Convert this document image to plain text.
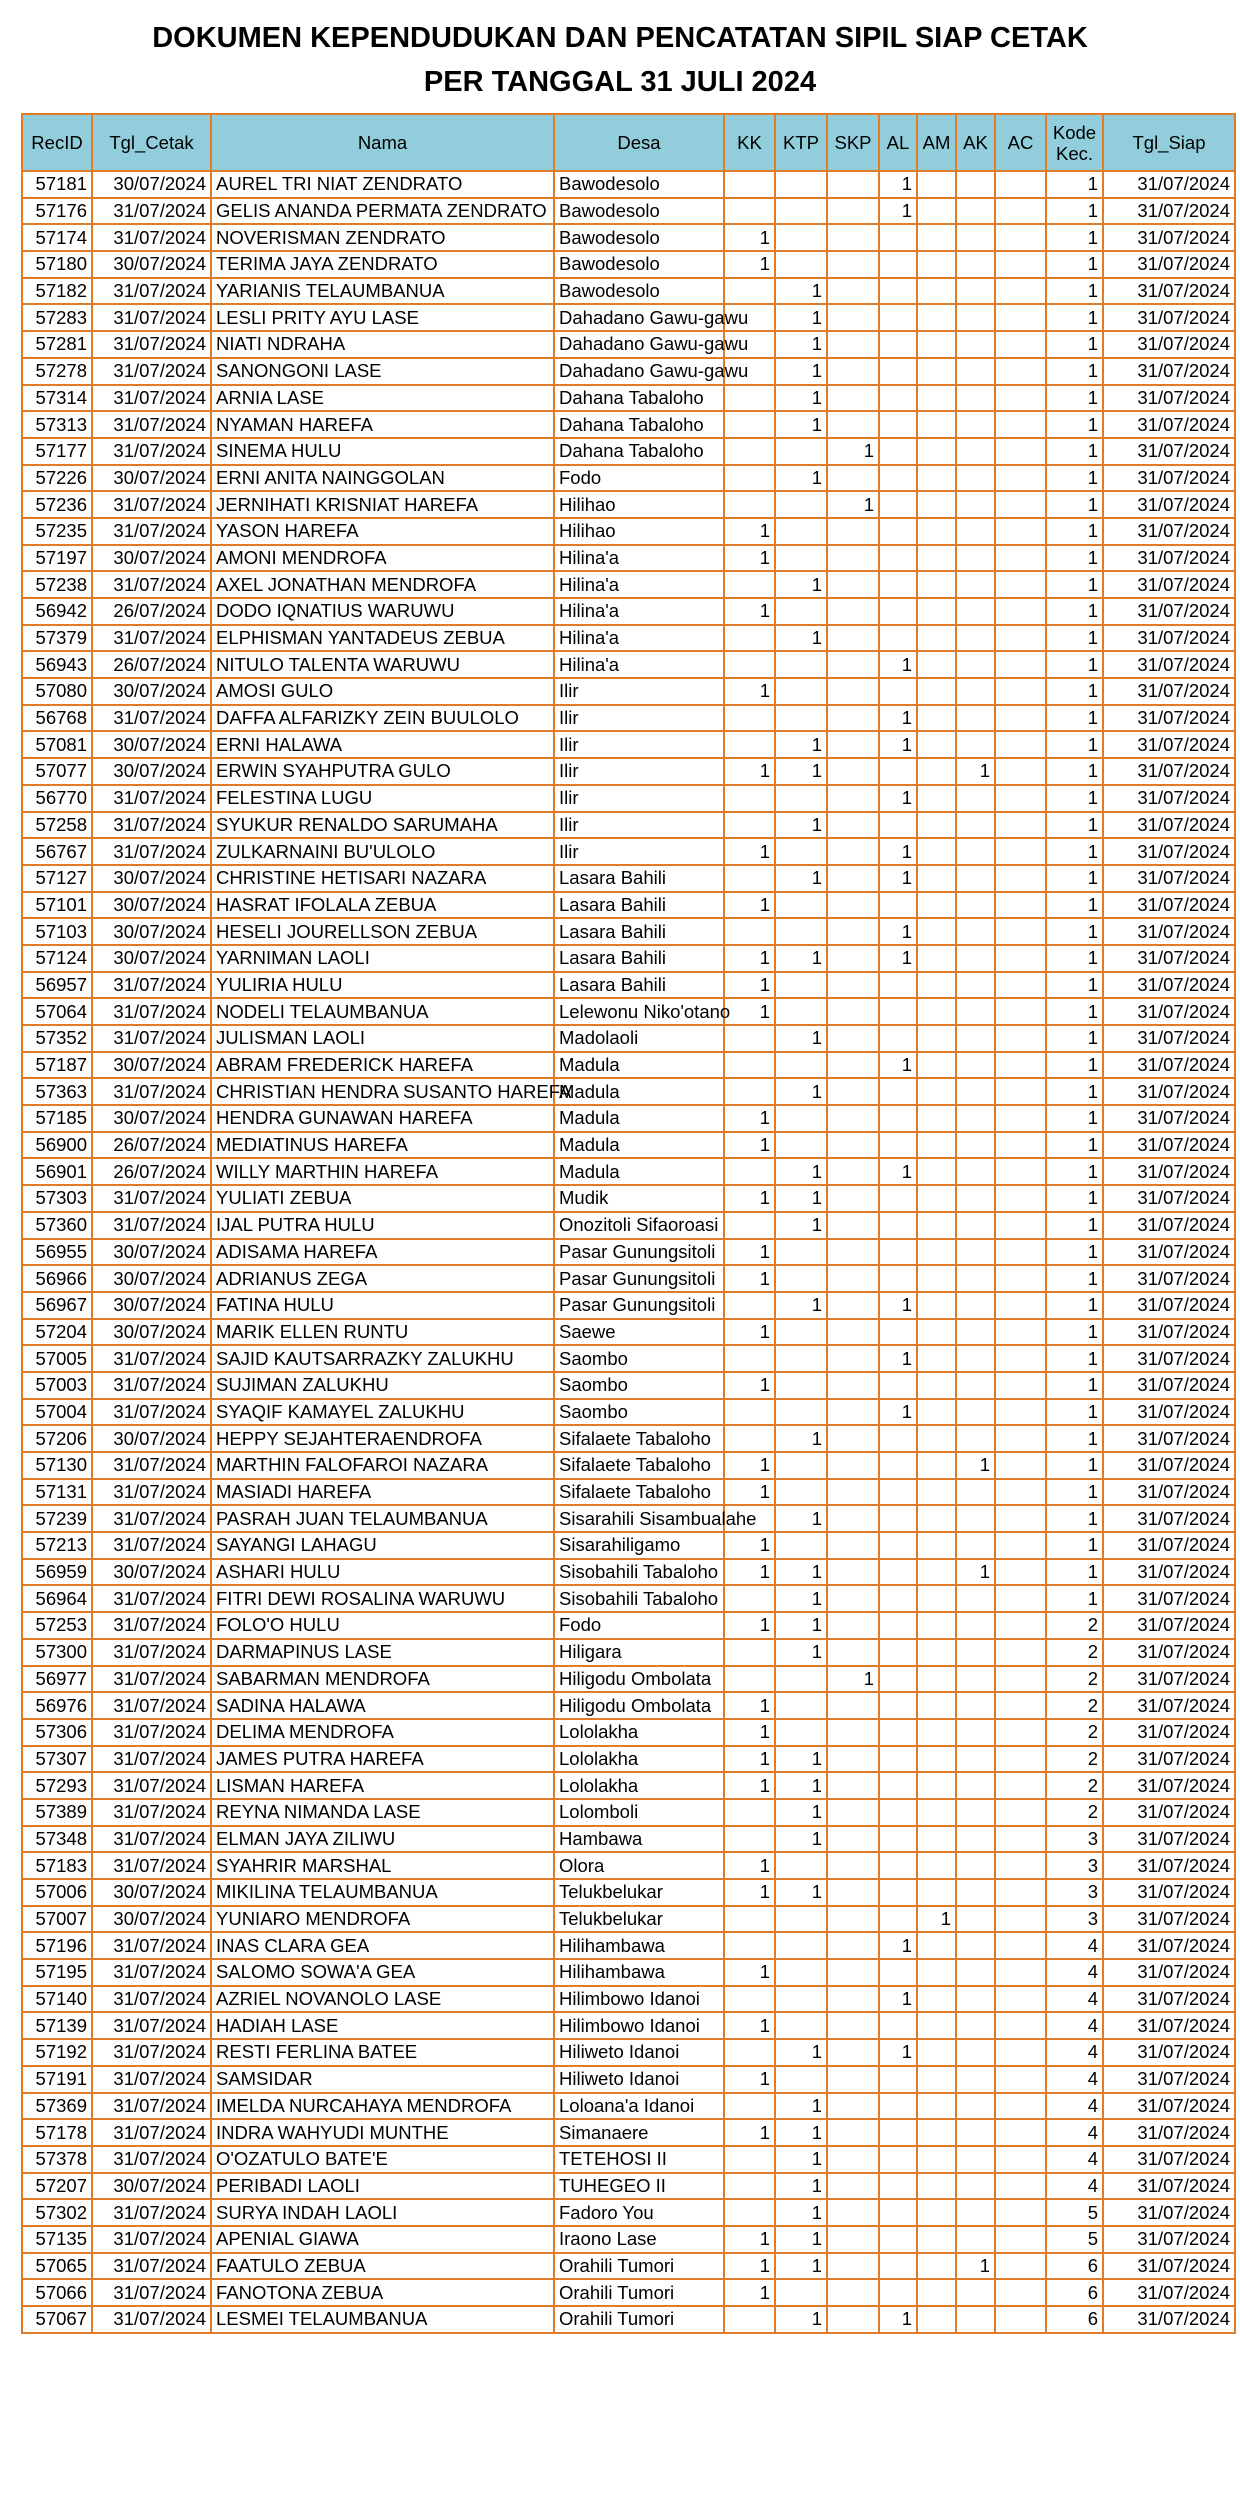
DOKUMEN KEPENDUDUKAN DAN PENCATATAN SIPIL SIAP CETAK
PER TANGGAL 31 JULI 2024
RecID	Tgl_Cetak	Nama	Desa	KK	KTP	SKP	AL	AM	AK	AC	Kode Kec.	Tgl_Siap
57181	30/07/2024	AUREL TRI NIAT ZENDRATO	Bawodesolo				1				1	31/07/2024
57176	31/07/2024	GELIS ANANDA PERMATA ZENDRATO	Bawodesolo				1				1	31/07/2024
57174	31/07/2024	NOVERISMAN ZENDRATO	Bawodesolo	1							1	31/07/2024
57180	30/07/2024	TERIMA JAYA ZENDRATO	Bawodesolo	1							1	31/07/2024
57182	31/07/2024	YARIANIS TELAUMBANUA	Bawodesolo		1						1	31/07/2024
57283	31/07/2024	LESLI PRITY AYU LASE	Dahadano Gawu-gawu		1						1	31/07/2024
57281	31/07/2024	NIATI NDRAHA	Dahadano Gawu-gawu		1						1	31/07/2024
57278	31/07/2024	SANONGONI LASE	Dahadano Gawu-gawu		1						1	31/07/2024
57314	31/07/2024	ARNIA LASE	Dahana Tabaloho		1						1	31/07/2024
57313	31/07/2024	NYAMAN HAREFA	Dahana Tabaloho		1						1	31/07/2024
57177	31/07/2024	SINEMA HULU	Dahana Tabaloho			1					1	31/07/2024
57226	30/07/2024	ERNI ANITA NAINGGOLAN	Fodo		1						1	31/07/2024
57236	31/07/2024	JERNIHATI KRISNIAT HAREFA	Hilihao			1					1	31/07/2024
57235	31/07/2024	YASON HAREFA	Hilihao	1							1	31/07/2024
57197	30/07/2024	AMONI MENDROFA	Hilina'a	1							1	31/07/2024
57238	31/07/2024	AXEL JONATHAN MENDROFA	Hilina'a		1						1	31/07/2024
56942	26/07/2024	DODO IQNATIUS WARUWU	Hilina'a	1							1	31/07/2024
57379	31/07/2024	ELPHISMAN YANTADEUS ZEBUA	Hilina'a		1						1	31/07/2024
56943	26/07/2024	NITULO TALENTA WARUWU	Hilina'a				1				1	31/07/2024
57080	30/07/2024	AMOSI GULO	Ilir	1							1	31/07/2024
56768	31/07/2024	DAFFA ALFARIZKY ZEIN BUULOLO	Ilir				1				1	31/07/2024
57081	30/07/2024	ERNI HALAWA	Ilir		1		1				1	31/07/2024
57077	30/07/2024	ERWIN SYAHPUTRA GULO	Ilir	1	1				1		1	31/07/2024
56770	31/07/2024	FELESTINA LUGU	Ilir				1				1	31/07/2024
57258	31/07/2024	SYUKUR RENALDO SARUMAHA	Ilir		1						1	31/07/2024
56767	31/07/2024	ZULKARNAINI BU'ULOLO	Ilir	1			1				1	31/07/2024
57127	30/07/2024	CHRISTINE HETISARI NAZARA	Lasara Bahili		1		1				1	31/07/2024
57101	30/07/2024	HASRAT IFOLALA ZEBUA	Lasara Bahili	1							1	31/07/2024
57103	30/07/2024	HESELI JOURELLSON ZEBUA	Lasara Bahili				1				1	31/07/2024
57124	30/07/2024	YARNIMAN LAOLI	Lasara Bahili	1	1		1				1	31/07/2024
56957	31/07/2024	YULIRIA HULU	Lasara Bahili	1							1	31/07/2024
57064	31/07/2024	NODELI TELAUMBANUA	Lelewonu Niko'otano	1							1	31/07/2024
57352	31/07/2024	JULISMAN LAOLI	Madolaoli		1						1	31/07/2024
57187	30/07/2024	ABRAM FREDERICK HAREFA	Madula				1				1	31/07/2024
57363	31/07/2024	CHRISTIAN HENDRA SUSANTO HAREFA	Madula		1						1	31/07/2024
57185	30/07/2024	HENDRA GUNAWAN HAREFA	Madula	1							1	31/07/2024
56900	26/07/2024	MEDIATINUS HAREFA	Madula	1							1	31/07/2024
56901	26/07/2024	WILLY MARTHIN HAREFA	Madula		1		1				1	31/07/2024
57303	31/07/2024	YULIATI ZEBUA	Mudik	1	1						1	31/07/2024
57360	31/07/2024	IJAL PUTRA HULU	Onozitoli Sifaoroasi		1						1	31/07/2024
56955	30/07/2024	ADISAMA HAREFA	Pasar Gunungsitoli	1							1	31/07/2024
56966	30/07/2024	ADRIANUS ZEGA	Pasar Gunungsitoli	1							1	31/07/2024
56967	30/07/2024	FATINA HULU	Pasar Gunungsitoli		1		1				1	31/07/2024
57204	30/07/2024	MARIK ELLEN RUNTU	Saewe	1							1	31/07/2024
57005	31/07/2024	SAJID KAUTSARRAZKY ZALUKHU	Saombo				1				1	31/07/2024
57003	31/07/2024	SUJIMAN ZALUKHU	Saombo	1							1	31/07/2024
57004	31/07/2024	SYAQIF KAMAYEL ZALUKHU	Saombo				1				1	31/07/2024
57206	30/07/2024	HEPPY SEJAHTERAENDROFA	Sifalaete Tabaloho		1						1	31/07/2024
57130	31/07/2024	MARTHIN FALOFAROI NAZARA	Sifalaete Tabaloho	1					1		1	31/07/2024
57131	31/07/2024	MASIADI HAREFA	Sifalaete Tabaloho	1							1	31/07/2024
57239	31/07/2024	PASRAH JUAN TELAUMBANUA	Sisarahili Sisambualahe		1						1	31/07/2024
57213	31/07/2024	SAYANGI LAHAGU	Sisarahiligamo	1							1	31/07/2024
56959	30/07/2024	ASHARI HULU	Sisobahili Tabaloho	1	1				1		1	31/07/2024
56964	31/07/2024	FITRI DEWI ROSALINA WARUWU	Sisobahili Tabaloho		1						1	31/07/2024
57253	31/07/2024	FOLO'O HULU	Fodo	1	1						2	31/07/2024
57300	31/07/2024	DARMAPINUS LASE	Hiligara		1						2	31/07/2024
56977	31/07/2024	SABARMAN MENDROFA	Hiligodu Ombolata			1					2	31/07/2024
56976	31/07/2024	SADINA HALAWA	Hiligodu Ombolata	1							2	31/07/2024
57306	31/07/2024	DELIMA MENDROFA	Lololakha	1							2	31/07/2024
57307	31/07/2024	JAMES PUTRA HAREFA	Lololakha	1	1						2	31/07/2024
57293	31/07/2024	LISMAN HAREFA	Lololakha	1	1						2	31/07/2024
57389	31/07/2024	REYNA NIMANDA LASE	Lolomboli		1						2	31/07/2024
57348	31/07/2024	ELMAN JAYA ZILIWU	Hambawa		1						3	31/07/2024
57183	31/07/2024	SYAHRIR MARSHAL	Olora	1							3	31/07/2024
57006	30/07/2024	MIKILINA TELAUMBANUA	Telukbelukar	1	1						3	31/07/2024
57007	30/07/2024	YUNIARO MENDROFA	Telukbelukar					1			3	31/07/2024
57196	31/07/2024	INAS CLARA GEA	Hilihambawa				1				4	31/07/2024
57195	31/07/2024	SALOMO SOWA'A GEA	Hilihambawa	1							4	31/07/2024
57140	31/07/2024	AZRIEL NOVANOLO LASE	Hilimbowo Idanoi				1				4	31/07/2024
57139	31/07/2024	HADIAH LASE	Hilimbowo Idanoi	1							4	31/07/2024
57192	31/07/2024	RESTI FERLINA BATEE	Hiliweto Idanoi		1		1				4	31/07/2024
57191	31/07/2024	SAMSIDAR	Hiliweto Idanoi	1							4	31/07/2024
57369	31/07/2024	IMELDA NURCAHAYA MENDROFA	Loloana'a Idanoi		1						4	31/07/2024
57178	31/07/2024	INDRA WAHYUDI MUNTHE	Simanaere	1	1						4	31/07/2024
57378	31/07/2024	O'OZATULO BATE'E	TETEHOSI II		1						4	31/07/2024
57207	30/07/2024	PERIBADI LAOLI	TUHEGEO II		1						4	31/07/2024
57302	31/07/2024	SURYA INDAH LAOLI	Fadoro You		1						5	31/07/2024
57135	31/07/2024	APENIAL GIAWA	Iraono Lase	1	1						5	31/07/2024
57065	31/07/2024	FAATULO ZEBUA	Orahili Tumori	1	1				1		6	31/07/2024
57066	31/07/2024	FANOTONA ZEBUA	Orahili Tumori	1							6	31/07/2024
57067	31/07/2024	LESMEI TELAUMBANUA	Orahili Tumori		1		1				6	31/07/2024
